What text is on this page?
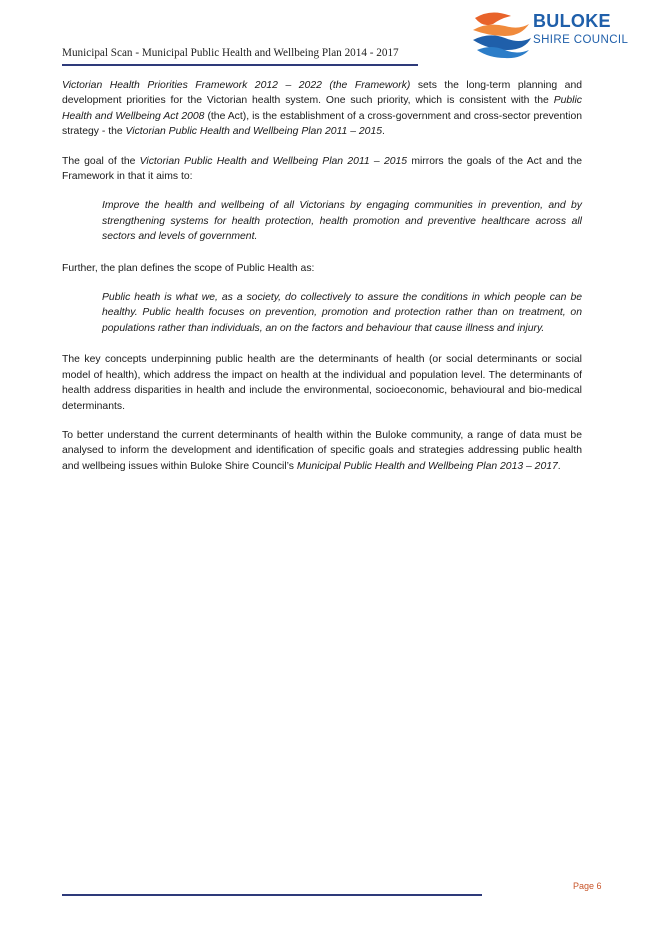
Municipal Scan - Municipal Public Health and Wellbeing Plan 2014 - 2017
BULOKE
SHIRE COUNCIL

Victorian Health Priorities Framework 2012 – 2022 (the Framework) sets the long-term planning and development priorities for the Victorian health system. One such priority, which is consistent with the Public Health and Wellbeing Act 2008 (the Act), is the establishment of a cross-government and cross-sector prevention strategy - the Victorian Public Health and Wellbeing Plan 2011 – 2015.

The goal of the Victorian Public Health and Wellbeing Plan 2011 – 2015 mirrors the goals of the Act and the Framework in that it aims to:

Improve the health and wellbeing of all Victorians by engaging communities in prevention, and by strengthening systems for health protection, health promotion and preventive healthcare across all sectors and levels of government.

Further, the plan defines the scope of Public Health as:

Public heath is what we, as a society, do collectively to assure the conditions in which people can be healthy. Public health focuses on prevention, promotion and protection rather than on treatment, on populations rather than individuals, an on the factors and behaviour that cause illness and injury.

The key concepts underpinning public health are the determinants of health (or social determinants or social model of health), which address the impact on health at the individual and population level. The determinants of health address disparities in health and include the environmental, socioeconomic, behavioural and bio-medical determinants.

To better understand the current determinants of health within the Buloke community, a range of data must be analysed to inform the development and identification of specific goals and strategies addressing public health and wellbeing issues within Buloke Shire Council’s Municipal Public Health and Wellbeing Plan 2013 – 2017.

Page 6
